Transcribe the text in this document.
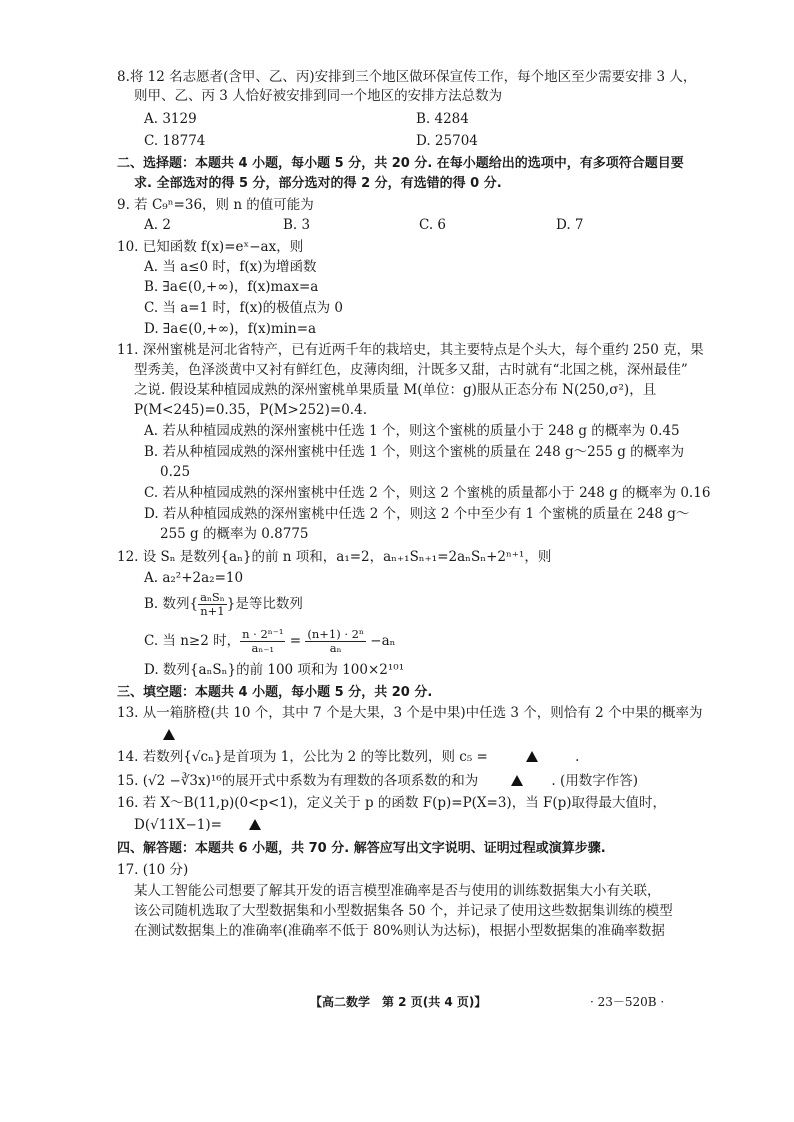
8.将 12 名志愿者(含甲、乙、丙)安排到三个地区做环保宣传工作，每个地区至少需要安排 3 人，
则甲、乙、丙 3 人恰好被安排到同一个地区的安排方法总数为
A. 3129	B. 4284
C. 18774	D. 25704
二、选择题：本题共 4 小题，每小题 5 分，共 20 分. 在每小题给出的选项中，有多项符合题目要
求. 全部选对的得 5 分，部分选对的得 2 分，有选错的得 0 分.
9. 若 C₉ⁿ=36，则 n 的值可能为
A. 2	B. 3	C. 6	D. 7
10. 已知函数 f(x)=eˣ−ax，则
A. 当 a≤0 时，f(x)为增函数
B. ∃a∈(0,+∞)，f(x)max=a
C. 当 a=1 时，f(x)的极值点为 0
D. ∃a∈(0,+∞)，f(x)min=a
11. 深州蜜桃是河北省特产，已有近两千年的栽培史，其主要特点是个头大，每个重约 250 克，果
型秀美，色泽淡黄中又衬有鲜红色，皮薄肉细，汁既多又甜，古时就有“北国之桃，深州最佳”
之说. 假设某种植园成熟的深州蜜桃单果质量 M(单位：g)服从正态分布 N(250,σ²)，且
P(M<245)=0.35，P(M>252)=0.4.
A. 若从种植园成熟的深州蜜桃中任选 1 个，则这个蜜桃的质量小于 248 g 的概率为 0.45
B. 若从种植园成熟的深州蜜桃中任选 1 个，则这个蜜桃的质量在 248 g～255 g 的概率为
0.25
C. 若从种植园成熟的深州蜜桃中任选 2 个，则这 2 个蜜桃的质量都小于 248 g 的概率为 0.16
D. 若从种植园成熟的深州蜜桃中任选 2 个，则这 2 个中至少有 1 个蜜桃的质量在 248 g～
255 g 的概率为 0.8775
12. 设 Sₙ 是数列{aₙ}的前 n 项和，a₁=2，aₙ₊₁Sₙ₊₁=2aₙSₙ+2ⁿ⁺¹，则
A. a₂²+2a₂=10
B. 数列{ $\frac{\text{aₙSₙ}}{n+1}$ }是等比数列
C. 当 n≥2 时， $\frac{\text{n · 2ⁿ⁻¹}}{\text{aₙ₋₁}} = \frac{\text{(n+1) · 2ⁿ}}{\text{aₙ}} -a_n$
D. 数列{aₙSₙ}的前 100 项和为 100×2¹⁰¹
三、填空题：本题共 4 小题，每小题 5 分，共 20 分.
13. 从一箱脐橙(共 10 个，其中 7 个是大果，3 个是中果)中任选 3 个，则恰有 2 个中果的概率为
14. 若数列{√cₙ}是首项为 1，公比为 2 的等比数列，则 c₅ =	.
15. (√2 −∛3x)¹⁶的展开式中系数为有理数的各项系数的和为	. (用数字作答)
16. 若 X～B(11,p)(0<p<1)，定义关于 p 的函数 F(p)=P(X=3)，当 F(p)取得最大值时，
D(√11X−1)=
四、解答题：本题共 6 小题，共 70 分. 解答应写出文字说明、证明过程或演算步骤.
17. (10 分)
某人工智能公司想要了解其开发的语言模型准确率是否与使用的训练数据集大小有关联，
该公司随机选取了大型数据集和小型数据集各 50 个，并记录了使用这些数据集训练的模型
在测试数据集上的准确率(准确率不低于 80%则认为达标)，根据小型数据集的准确率数据
【高二数学　第 2 页(共 4 页)】	· 23－520B ·
